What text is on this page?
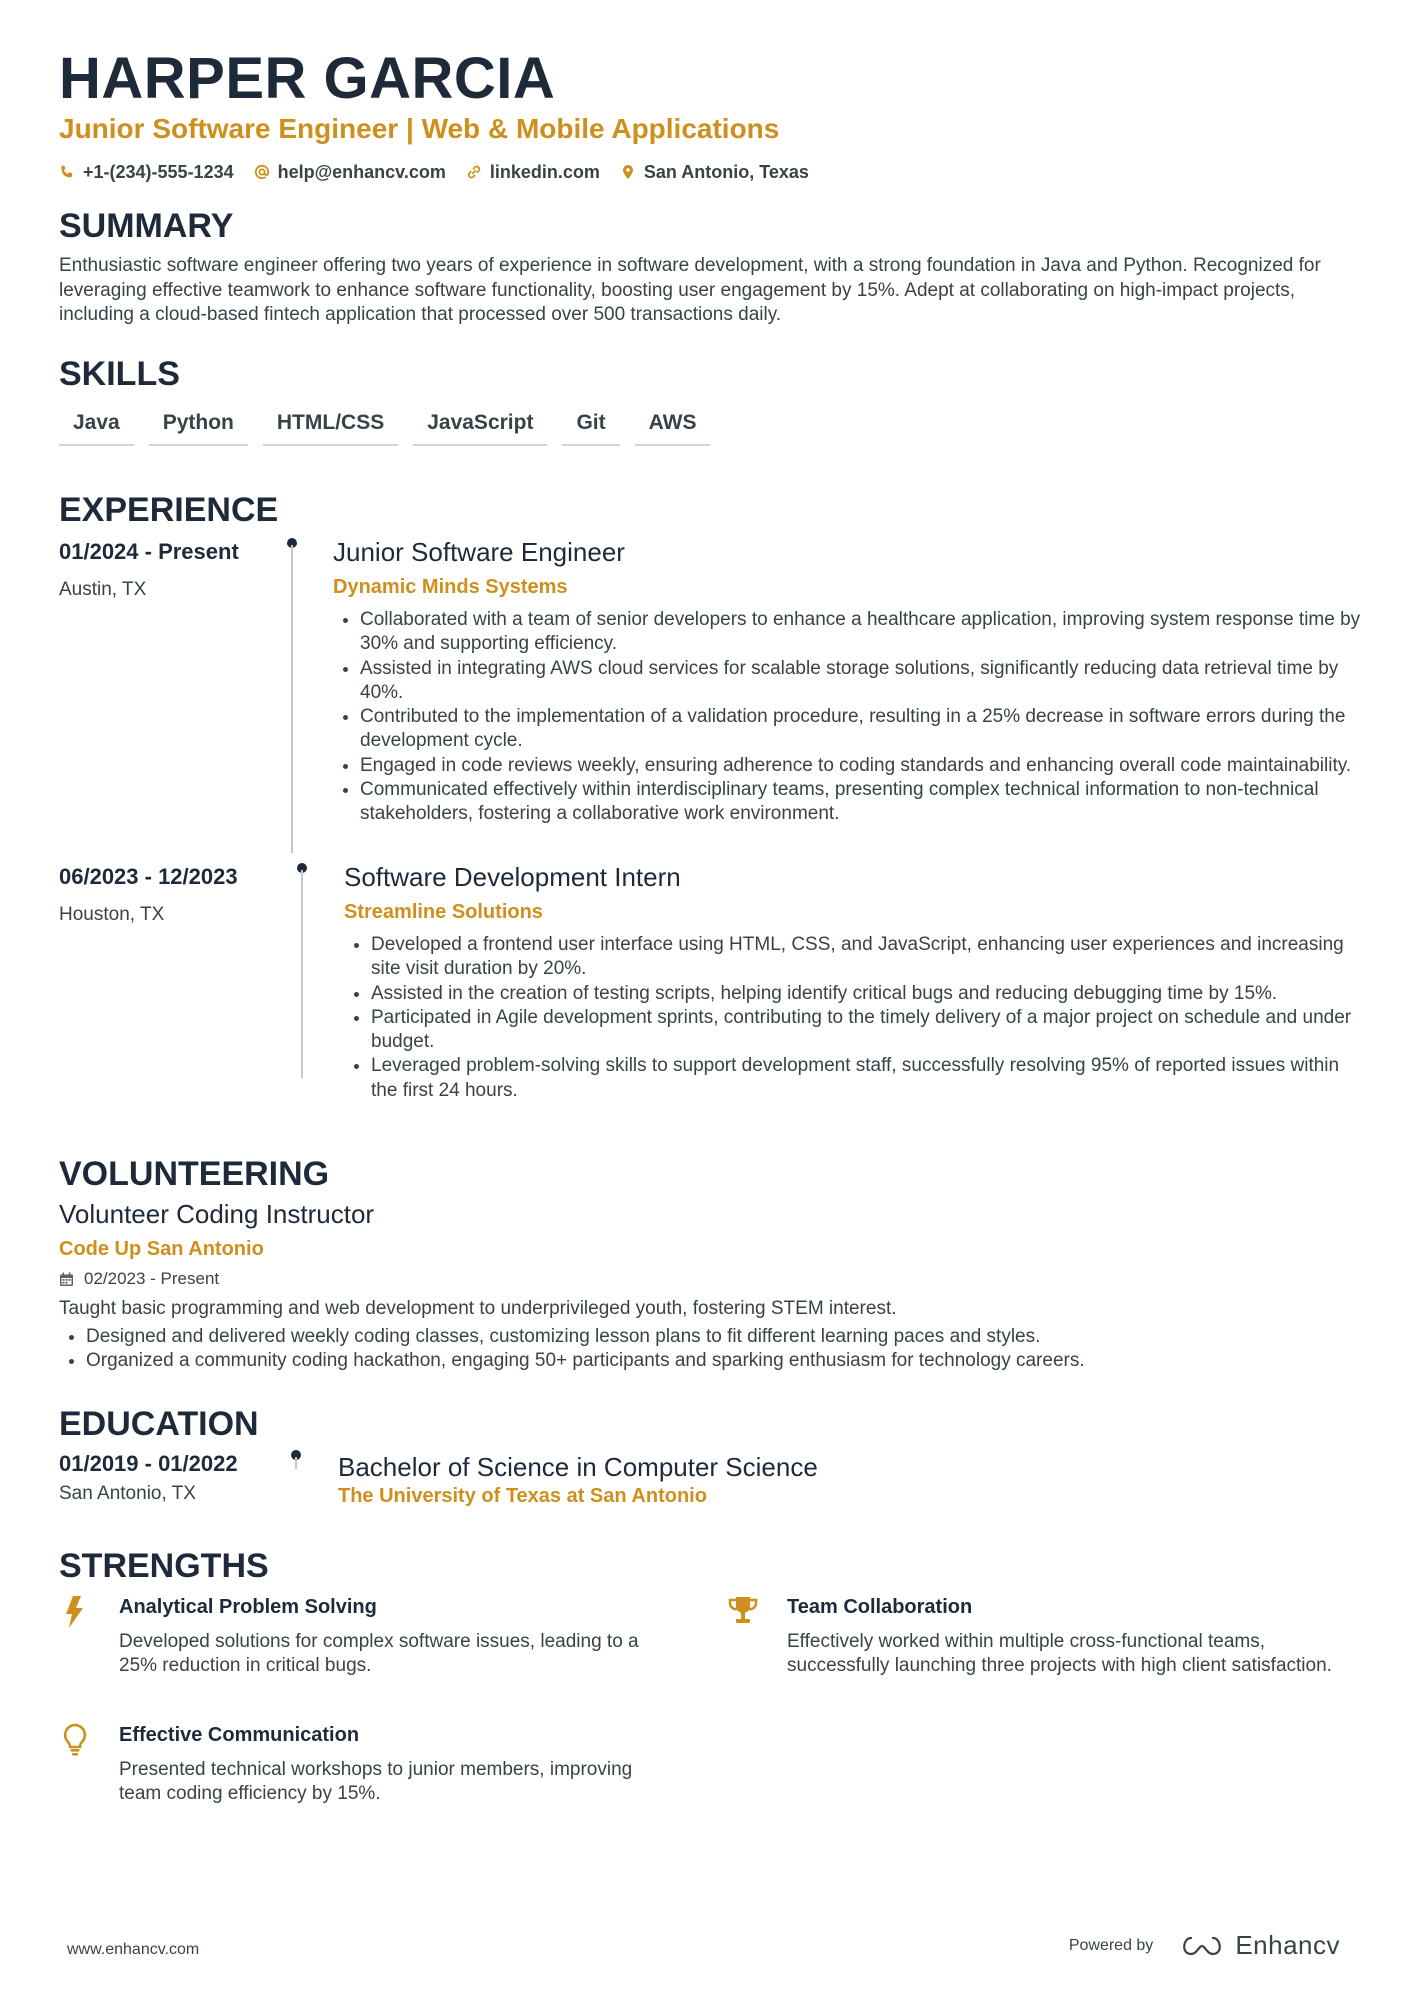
HARPER GARCIA
Junior Software Engineer | Web & Mobile Applications
+1-(234)-555-1234 help@enhancv.com linkedin.com San Antonio, Texas
SUMMARY
Enthusiastic software engineer offering two years of experience in software development, with a strong foundation in Java and Python. Recognized for leveraging effective teamwork to enhance software functionality, boosting user engagement by 15%. Adept at collaborating on high-impact projects, including a cloud-based fintech application that processed over 500 transactions daily.
SKILLS
Java	Python	HTML/CSS	JavaScript	Git	AWS
EXPERIENCE
01/2024 - Present
Austin, TX
Junior Software Engineer
Dynamic Minds Systems
Collaborated with a team of senior developers to enhance a healthcare application, improving system response time by 30% and supporting efficiency.
Assisted in integrating AWS cloud services for scalable storage solutions, significantly reducing data retrieval time by 40%.
Contributed to the implementation of a validation procedure, resulting in a 25% decrease in software errors during the development cycle.
Engaged in code reviews weekly, ensuring adherence to coding standards and enhancing overall code maintainability.
Communicated effectively within interdisciplinary teams, presenting complex technical information to non-technical stakeholders, fostering a collaborative work environment.
06/2023 - 12/2023
Houston, TX
Software Development Intern
Streamline Solutions
Developed a frontend user interface using HTML, CSS, and JavaScript, enhancing user experiences and increasing site visit duration by 20%.
Assisted in the creation of testing scripts, helping identify critical bugs and reducing debugging time by 15%.
Participated in Agile development sprints, contributing to the timely delivery of a major project on schedule and under budget.
Leveraged problem-solving skills to support development staff, successfully resolving 95% of reported issues within the first 24 hours.
VOLUNTEERING
Volunteer Coding Instructor
Code Up San Antonio
02/2023 - Present
Taught basic programming and web development to underprivileged youth, fostering STEM interest.
Designed and delivered weekly coding classes, customizing lesson plans to fit different learning paces and styles.
Organized a community coding hackathon, engaging 50+ participants and sparking enthusiasm for technology careers.
EDUCATION
01/2019 - 01/2022
San Antonio, TX
Bachelor of Science in Computer Science
The University of Texas at San Antonio
STRENGTHS
Analytical Problem Solving
Developed solutions for complex software issues, leading to a 25% reduction in critical bugs.
Team Collaboration
Effectively worked within multiple cross-functional teams, successfully launching three projects with high client satisfaction.
Effective Communication
Presented technical workshops to junior members, improving team coding efficiency by 15%.
www.enhancv.com	Powered by	Enhancv
